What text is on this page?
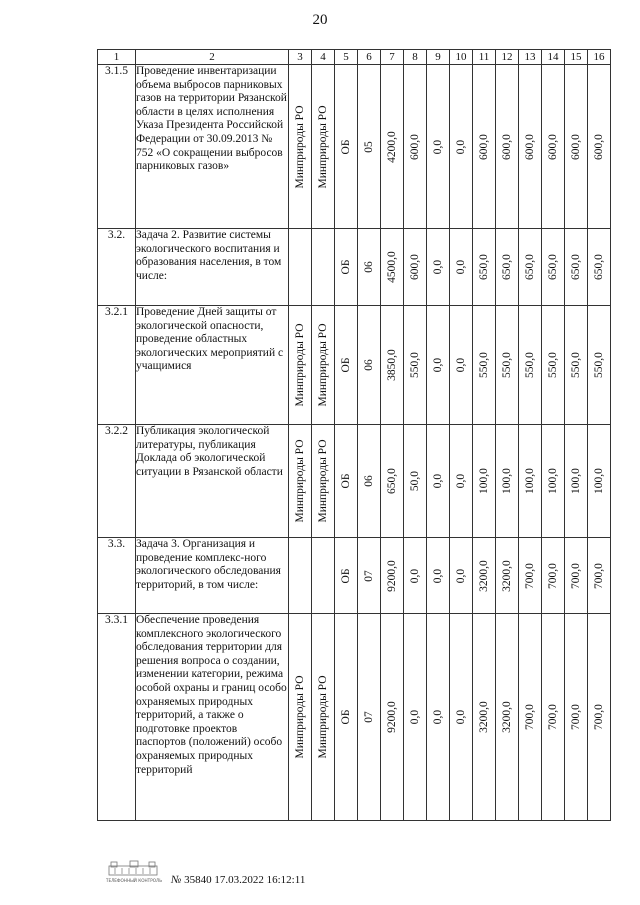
20
1	2	3	4	5	6	7	8	9	10	11	12	13	14	15	16
3.1.5	Проведение инвентаризации объема выбросов парниковых газов на территории Рязанской области в целях исполнения Указа Президента Российской Федерации от 30.09.2013 № 752 «О сокращении выбросов парниковых газов»	Минприроды РО	Минприроды РО	ОБ	05	4200,0	600,0	0,0	0,0	600,0	600,0	600,0	600,0	600,0	600,0

3.2.	Задача 2. Развитие системы экологического воспитания и образования населения, в том числе:			ОБ	06	4500,0	600,0	0,0	0,0	650,0	650,0	650,0	650,0	650,0	650,0

3.2.1	Проведение Дней защиты от экологической опасности, проведение областных экологических мероприятий с учащимися	Минприроды РО	Минприроды РО	ОБ	06	3850,0	550,0	0,0	0,0	550,0	550,0	550,0	550,0	550,0	550,0

3.2.2	Публикация экологической литературы, публикация Доклада об экологической ситуации в Рязанской области	Минприроды РО	Минприроды РО	ОБ	06	650,0	50,0	0,0	0,0	100,0	100,0	100,0	100,0	100,0	100,0

3.3.	Задача 3. Организация и проведение комплекс-ного экологического обследования территорий, в том числе:			ОБ	07	9200,0	0,0	0,0	0,0	3200,0	3200,0	700,0	700,0	700,0	700,0

3.3.1	Обеспечение проведения комплексного экологического обследования территории для решения вопроса о создании, изменении категории, режима особой охраны и границ особо охраняемых природных территорий, а также о подготовке проектов паспортов (положений) особо охраняемых природных территорий	Минприроды РО	Минприроды РО	ОБ	07	9200,0	0,0	0,0	0,0	3200,0	3200,0	700,0	700,0	700,0	700,0
ТЕЛЕФОННЫЙ КОНТРОЛЬ № 35840 17.03.2022 16:12:11
